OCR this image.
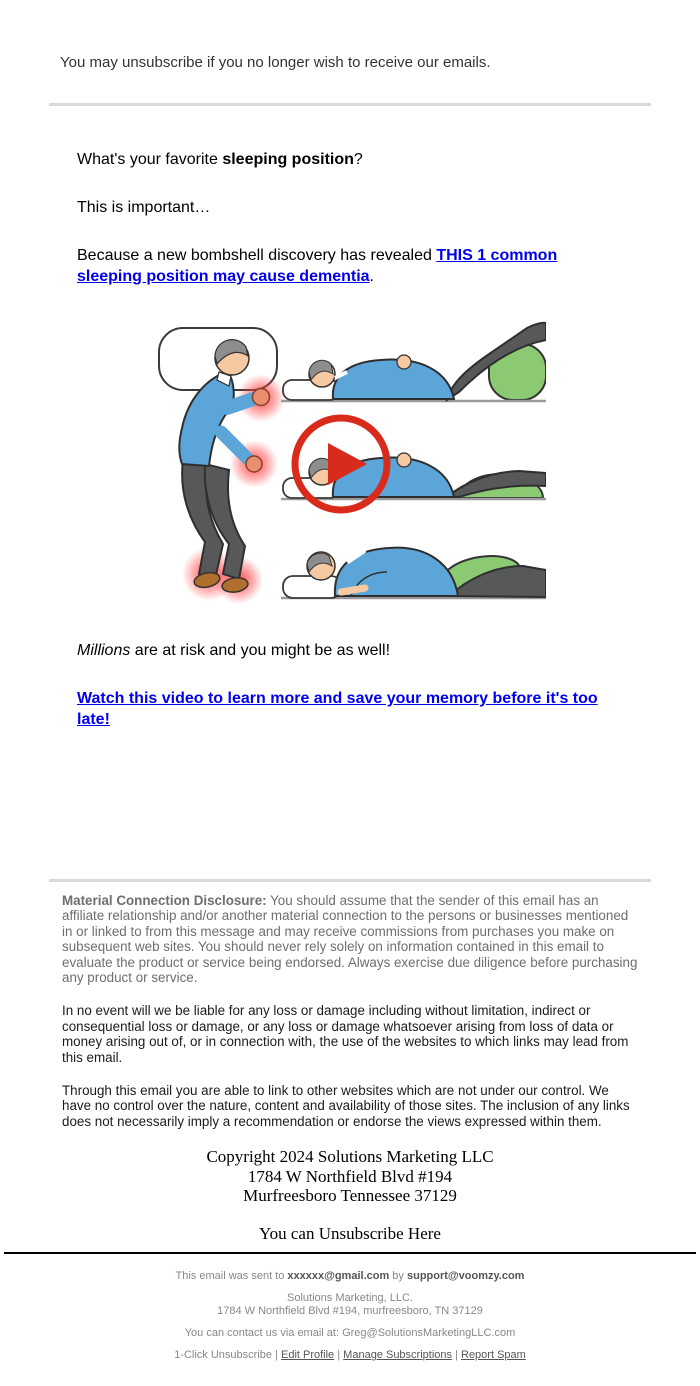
You may unsubscribe if you no longer wish to receive our emails.

What's your favorite sleeping position?

This is important…

Because a new bombshell discovery has revealed THIS 1 common sleeping position may cause dementia.

Millions are at risk and you might be as well!

Watch this video to learn more and save your memory before it's too late!

Material Connection Disclosure: You should assume that the sender of this email has an affiliate relationship and/or another material connection to the persons or businesses mentioned in or linked to from this message and may receive commissions from purchases you make on subsequent web sites. You should never rely solely on information contained in this email to evaluate the product or service being endorsed. Always exercise due diligence before purchasing any product or service.

In no event will we be liable for any loss or damage including without limitation, indirect or consequential loss or damage, or any loss or damage whatsoever arising from loss of data or money arising out of, or in connection with, the use of the websites to which links may lead from this email.

Through this email you are able to link to other websites which are not under our control. We have no control over the nature, content and availability of those sites. The inclusion of any links does not necessarily imply a recommendation or endorse the views expressed within them.

Copyright 2024 Solutions Marketing LLC
1784 W Northfield Blvd #194
Murfreesboro Tennessee 37129
You can Unsubscribe Here

This email was sent to xxxxxx@gmail.com by support@voomzy.com

Solutions Marketing, LLC.
1784 W Northfield Blvd #194, murfreesboro, TN 37129

You can contact us via email at: Greg@SolutionsMarketingLLC.com

1-Click Unsubscribe | Edit Profile | Manage Subscriptions | Report Spam
